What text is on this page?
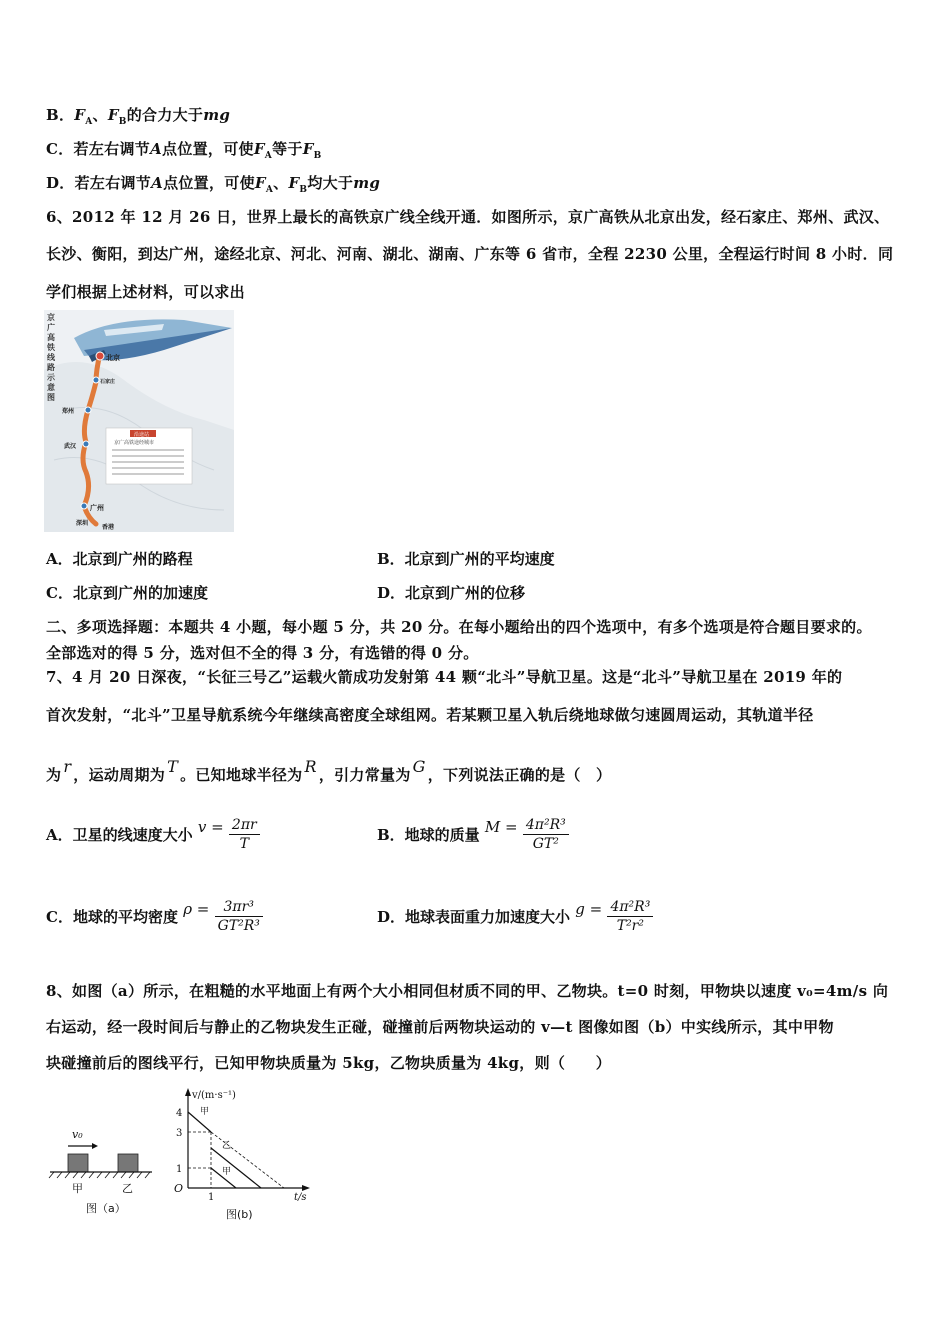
B．$F_A$、$F_B$的合力大于mg
C．若左右调节A点位置，可使$F_A$等于$F_B$
D．若左右调节A点位置，可使$F_A$、$F_B$均大于mg
6、2012 年 12 月 26 日，世界上最长的高铁京广线全线开通．如图所示，京广高铁从北京出发，经石家庄、郑州、武汉、
长沙、衡阳，到达广州，途经北京、河北、河南、湖北、湖南、广东等 6 省市，全程 2230 公里，全程运行时间 8 小时．同
学们根据上述材料，可以求出
京
广
高
铁
线
路
示
意
图
京广高铁线路示意图
北京
石家庄
郑州
武汉
广州
深圳
香港
沿途站
京广高铁途经城市
A．北京到广州的路程	B．北京到广州的平均速度
C．北京到广州的加速度	D．北京到广州的位移
二、多项选择题：本题共 4 小题，每小题 5 分，共 20 分。在每小题给出的四个选项中，有多个选项是符合题目要求的。
全部选对的得 5 分，选对但不全的得 3 分，有选错的得 0 分。
7、4 月 20 日深夜，“长征三号乙”运载火箭成功发射第 44 颗“北斗”导航卫星。这是“北斗”导航卫星在 2019 年的
首次发射，“北斗”卫星导航系统今年继续高密度全球组网。若某颗卫星入轨后绕地球做匀速圆周运动，其轨道半径
为 r ，运动周期为 T 。已知地球半径为 R ，引力常量为 G ，下列说法正确的是（　）
A．卫星的线速度大小 $v = \frac{2\pi r}{T}$	B．地球的质量 $M = \frac{\text{4π²R³}}{\text{GT²}}$
C．地球的平均密度 $\rho = \frac{\text{3πr³}}{\text{GT²R³}}$	D．地球表面重力加速度大小 $g = \frac{\text{4π²R³}}{\text{T²r²}}$
8、如图（a）所示，在粗糙的水平地面上有两个大小相同但材质不同的甲、乙物块。t=0 时刻，甲物块以速度 v₀=4m/s 向
右运动，经一段时间后与静止的乙物块发生正碰，碰撞前后两物块运动的 v—t 图像如图（b）中实线所示，其中甲物
块碰撞前后的图线平行，已知甲物块质量为 5kg，乙物块质量为 4kg，则（　　）
v₀
甲	乙
图（a）
v/(m·s⁻¹)
t/s
O
4
3
1
1
甲
乙
甲
图(b)
